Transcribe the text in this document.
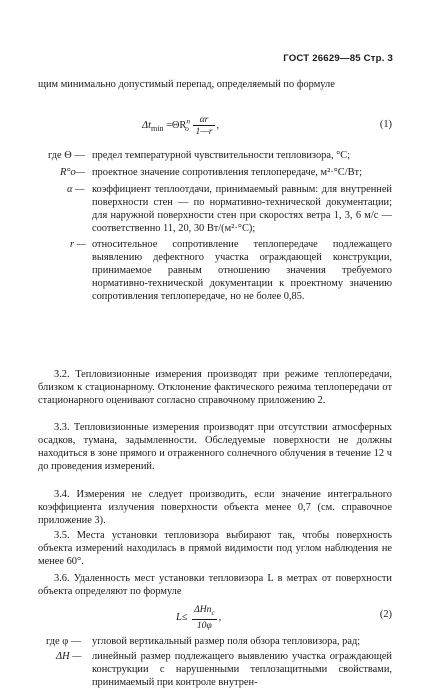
ГОСТ 26629—85 Стр. 3
щим минимально допустимый перепад, определяемый по формуле
$\Delta t_{min} =\Theta R^п_о \frac{\alpha r}{1—r}$ ,	(1)
где Θ — предел температурной чувствительности тепловизора, °С;
R°о— проектное значение сопротивления теплопередаче, м²·°С/Вт;
α — коэффициент теплоотдачи, принимаемый равным: для внутренней поверхности стен — по нормативно-технической документации; для наружной поверхности стен при скоростях ветра 1, 3, 6 м/с — соответственно 11, 20, 30 Вт/(м²·°С);
r — относительное сопротивление теплопередаче подлежащего выявлению дефектного участка ограждающей конструкции, принимаемое равным отношению значения требуемого нормативно-технической документации к проектному значению сопротивления теплопередаче, но не более 0,85.
3.2. Тепловизионные измерения производят при режиме теплопередачи, близком к стационарному. Отклонение фактического режима теплопередачи от стационарного оценивают согласно справочному приложению 2.
3.3. Тепловизионные измерения производят при отсутствии атмосферных осадков, тумана, задымленности. Обследуемые поверхности не должны находиться в зоне прямого и отраженного солнечного облучения в течение 12 ч до проведения измерений.
3.4. Измерения не следует производить, если значение интегрального коэффициента излучения поверхности объекта менее 0,7 (см. справочное приложение 3).
3.5. Места установки тепловизора выбирают так, чтобы поверхность объекта измерений находилась в прямой видимости под углом наблюдения не менее 60°.
3.6. Удаленность мест установки тепловизора L в метрах от поверхности объекта определяют по формуле
$L\le \frac{\Delta Hn_c}{10\varphi}$ ,	(2)
где φ — угловой вертикальный размер поля обзора тепловизора, рад;
ΔH — линейный размер подлежащего выявлению участка ограждающей конструкции с нарушенными теплозащитными свойствами, принимаемый при контроле внутрен-
